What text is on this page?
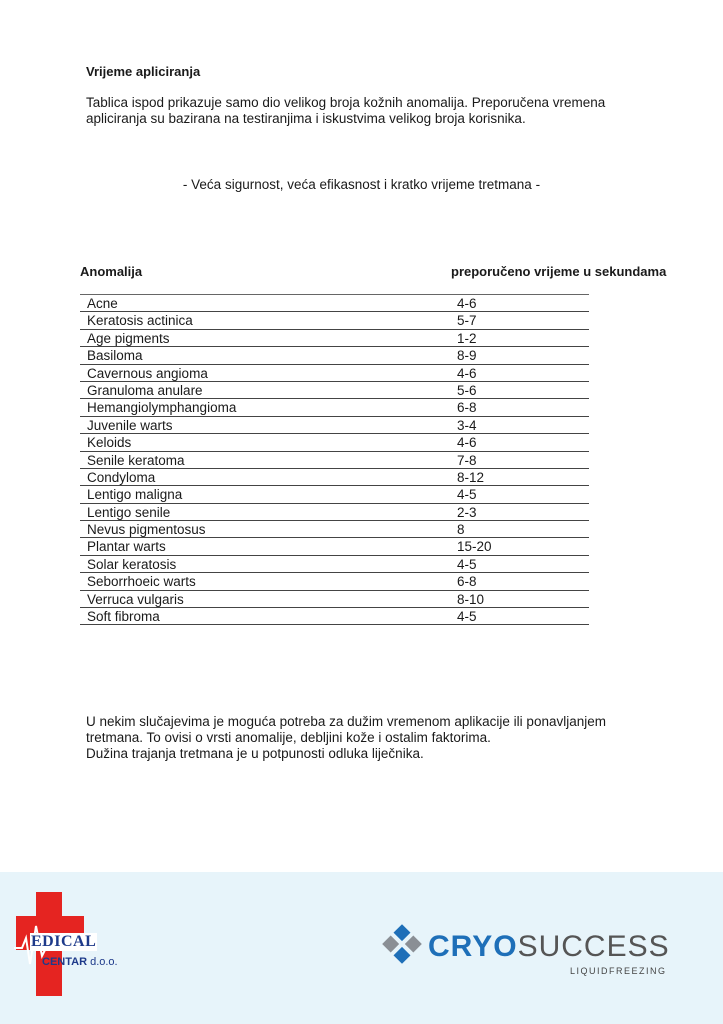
Vrijeme apliciranja
Tablica ispod prikazuje samo dio velikog broja kožnih anomalija. Preporučena vremena apliciranja su bazirana na testiranjima i iskustvima velikog broja korisnika.
- Veća sigurnost, veća efikasnost i kratko vrijeme tretmana -
Anomalija	preporučeno vrijeme u sekundama
Acne	4-6
Keratosis actinica	5-7
Age pigments	1-2
Basiloma	8-9
Cavernous angioma	4-6
Granuloma anulare	5-6
Hemangiolymphangioma	6-8
Juvenile warts	3-4
Keloids	4-6
Senile keratoma	7-8
Condyloma	8-12
Lentigo maligna	4-5
Lentigo senile	2-3
Nevus pigmentosus	8
Plantar warts	15-20
Solar keratosis	4-5
Seborrhoeic warts	6-8
Verruca vulgaris	8-10
Soft fibroma	4-5
U nekim slučajevima je moguća potreba za dužim vremenom aplikacije ili ponavljanjem
tretmana. To ovisi o vrsti anomalije, debljini kože i ostalim faktorima.
Dužina trajanja tretmana je u potpunosti odluka liječnika.
EDICAL
CENTAR d.o.o.	CRYOSUCCESS
LIQUIDFREEZING
